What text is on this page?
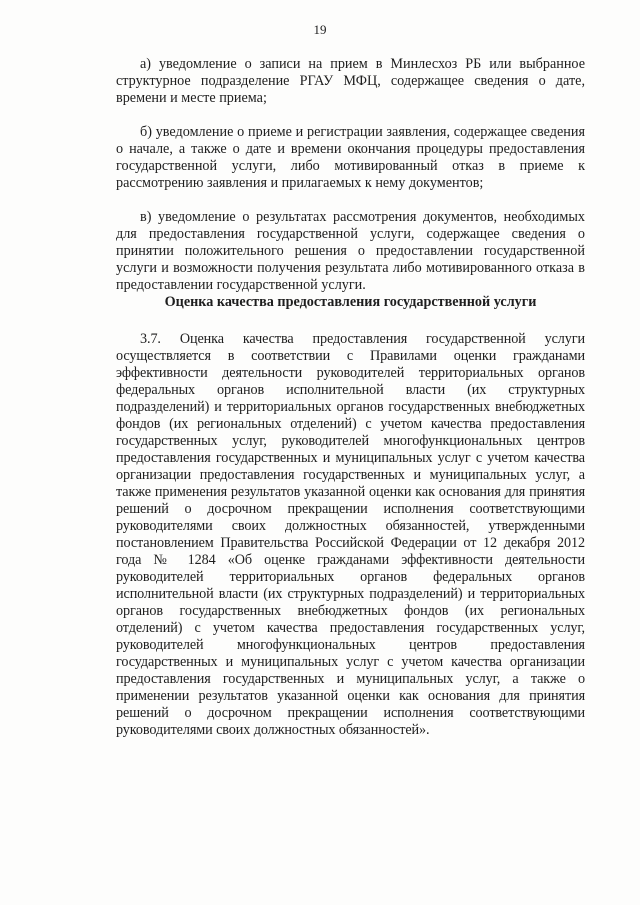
19

а) уведомление о записи на прием в Минлесхоз РБ или выбранное структурное подразделение РГАУ МФЦ, содержащее сведения о дате, времени и месте приема;

б) уведомление о приеме и регистрации заявления, содержащее сведения о начале, а также о дате и времени окончания процедуры предоставления государственной услуги, либо мотивированный отказ в приеме к рассмотрению заявления и прилагаемых к нему документов;

в) уведомление о результатах рассмотрения документов, необходимых для предоставления государственной услуги, содержащее сведения о принятии положительного решения о предоставлении государственной услуги и возможности получения результата либо мотивированного отказа в предоставлении государственной услуги.

Оценка качества предоставления государственной услуги

3.7. Оценка качества предоставления государственной услуги осуществляется в соответствии с Правилами оценки гражданами эффективности деятельности руководителей территориальных органов федеральных органов исполнительной власти (их структурных подразделений) и территориальных органов государственных внебюджетных фондов (их региональных отделений) с учетом качества предоставления государственных услуг, руководителей многофункциональных центров предоставления государственных и муниципальных услуг с учетом качества организации предоставления государственных и муниципальных услуг, а также применения результатов указанной оценки как основания для принятия решений о досрочном прекращении исполнения соответствующими руководителями своих должностных обязанностей, утвержденными постановлением Правительства Российской Федерации от 12 декабря 2012 года № 1284 «Об оценке гражданами эффективности деятельности руководителей территориальных органов федеральных органов исполнительной власти (их структурных подразделений) и территориальных органов государственных внебюджетных фондов (их региональных отделений) с учетом качества предоставления государственных услуг, руководителей многофункциональных центров предоставления государственных и муниципальных услуг с учетом качества организации предоставления государственных и муниципальных услуг, а также о применении результатов указанной оценки как основания для принятия решений о досрочном прекращении исполнения соответствующими руководителями своих должностных обязанностей».
